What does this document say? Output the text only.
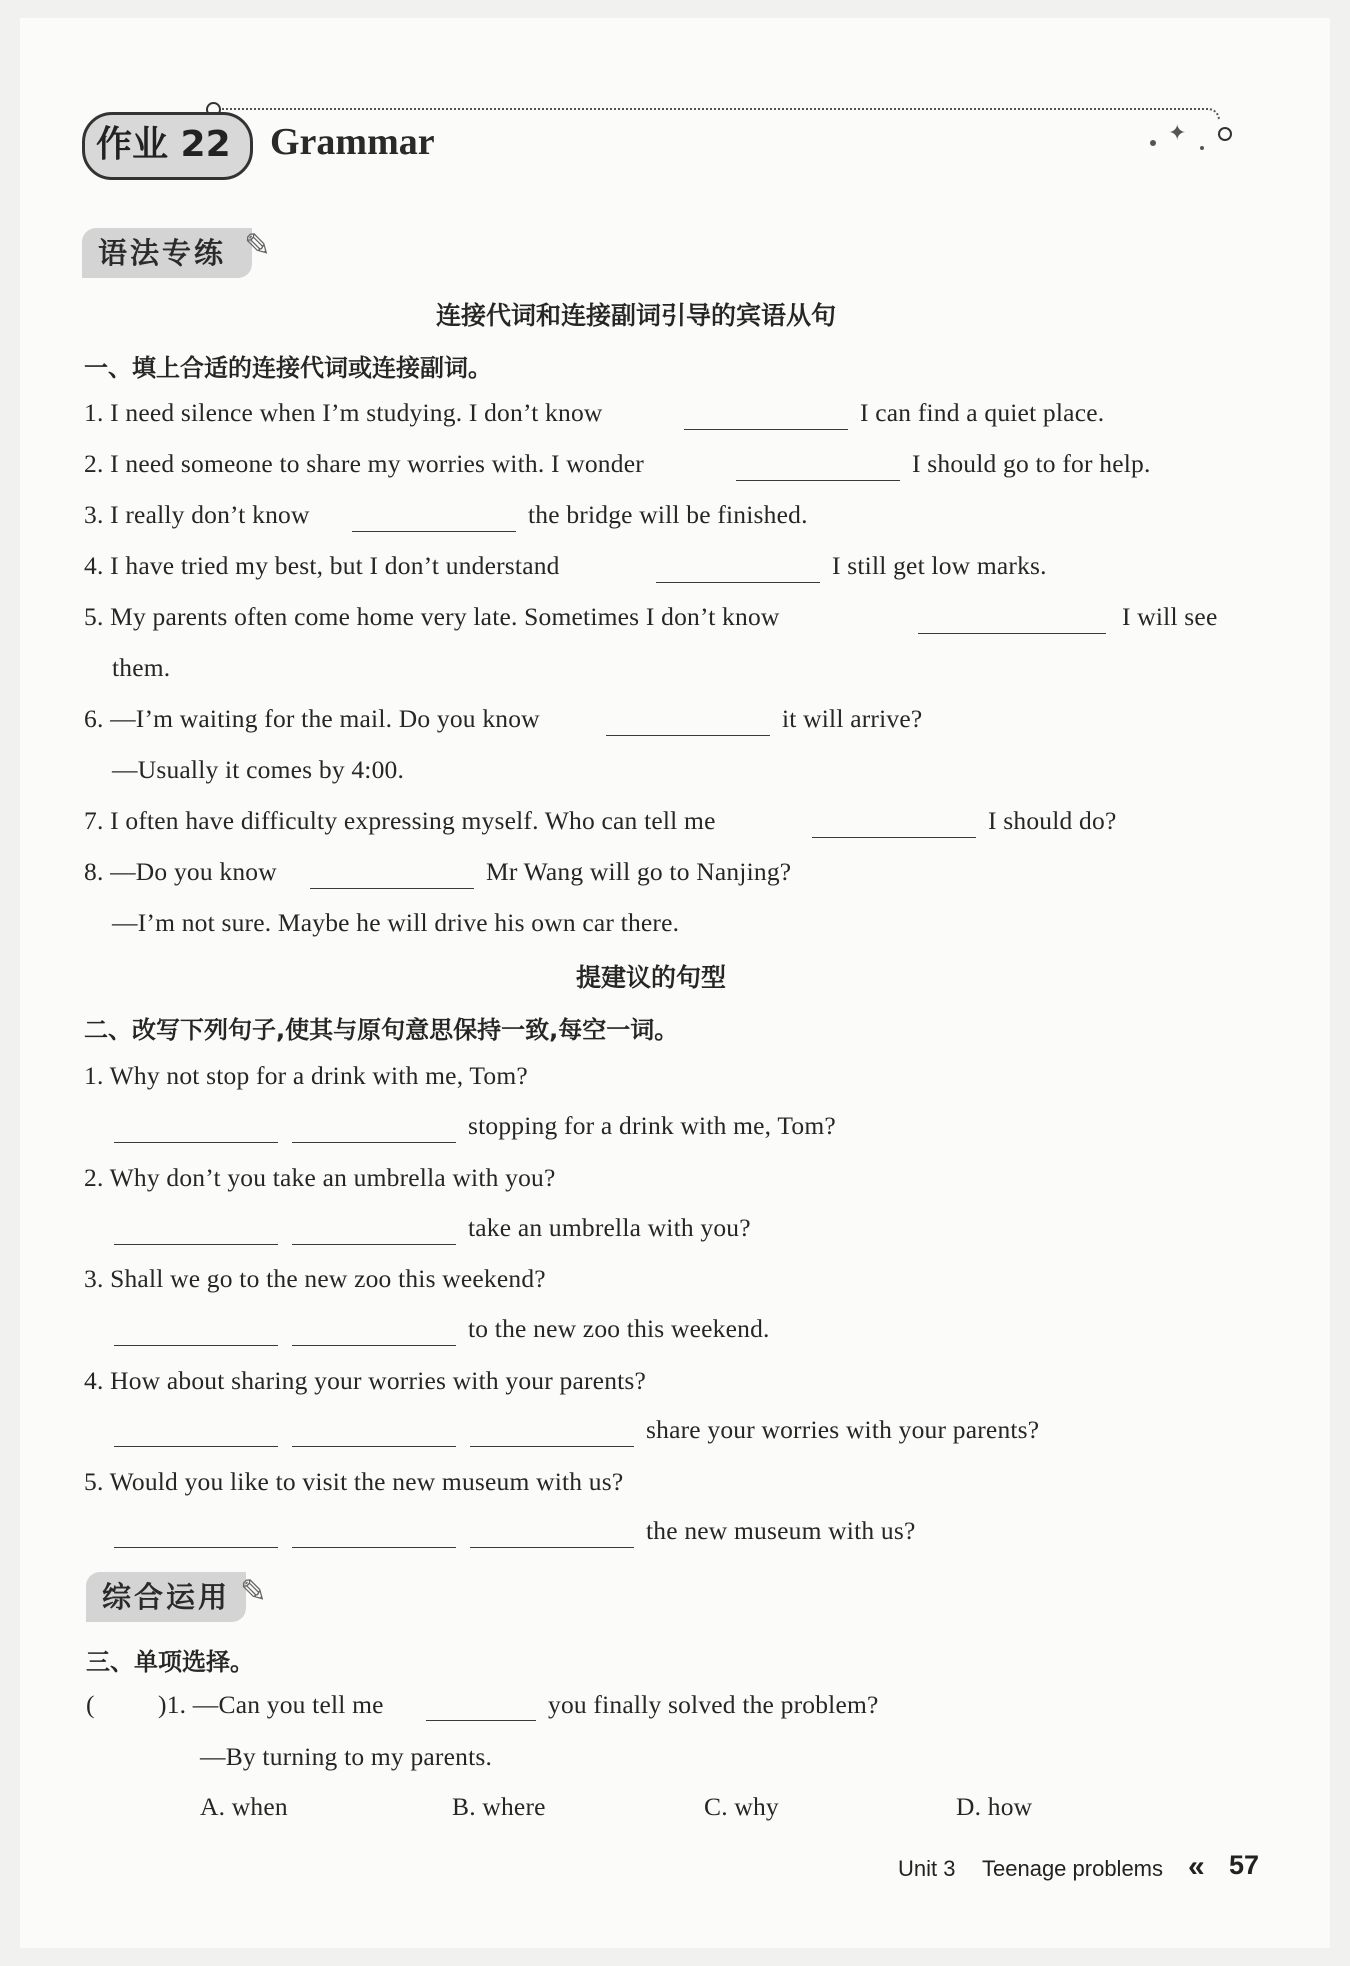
作业 22 Grammar	✦
语法专练 ✎
连接代词和连接副词引导的宾语从句
一、填上合适的连接代词或连接副词。
1. I need silence when I’m studying. I don’t know	I can find a quiet place.
2. I need someone to share my worries with. I wonder	I should go to for help.
3. I really don’t know	the bridge will be finished.
4. I have tried my best, but I don’t understand	I still get low marks.
5. My parents often come home very late. Sometimes I don’t know	I will see
them.
6. —I’m waiting for the mail. Do you know	it will arrive?
—Usually it comes by 4:00.
7. I often have difficulty expressing myself. Who can tell me	I should do?
8. —Do you know	Mr Wang will go to Nanjing?
—I’m not sure. Maybe he will drive his own car there.
提建议的句型
二、改写下列句子,使其与原句意思保持一致,每空一词。
1. Why not stop for a drink with me, Tom?
stopping for a drink with me, Tom?
2. Why don’t you take an umbrella with you?
take an umbrella with you?
3. Shall we go to the new zoo this weekend?
to the new zoo this weekend.
4. How about sharing your worries with your parents?
share your worries with your parents?
5. Would you like to visit the new museum with us?
the new museum with us?
综合运用 ✎
三、单项选择。
( )1. —Can you tell me	you finally solved the problem?
—By turning to my parents.
A. when	B. where	C. why	D. how
Unit 3 Teenage problems « 57
